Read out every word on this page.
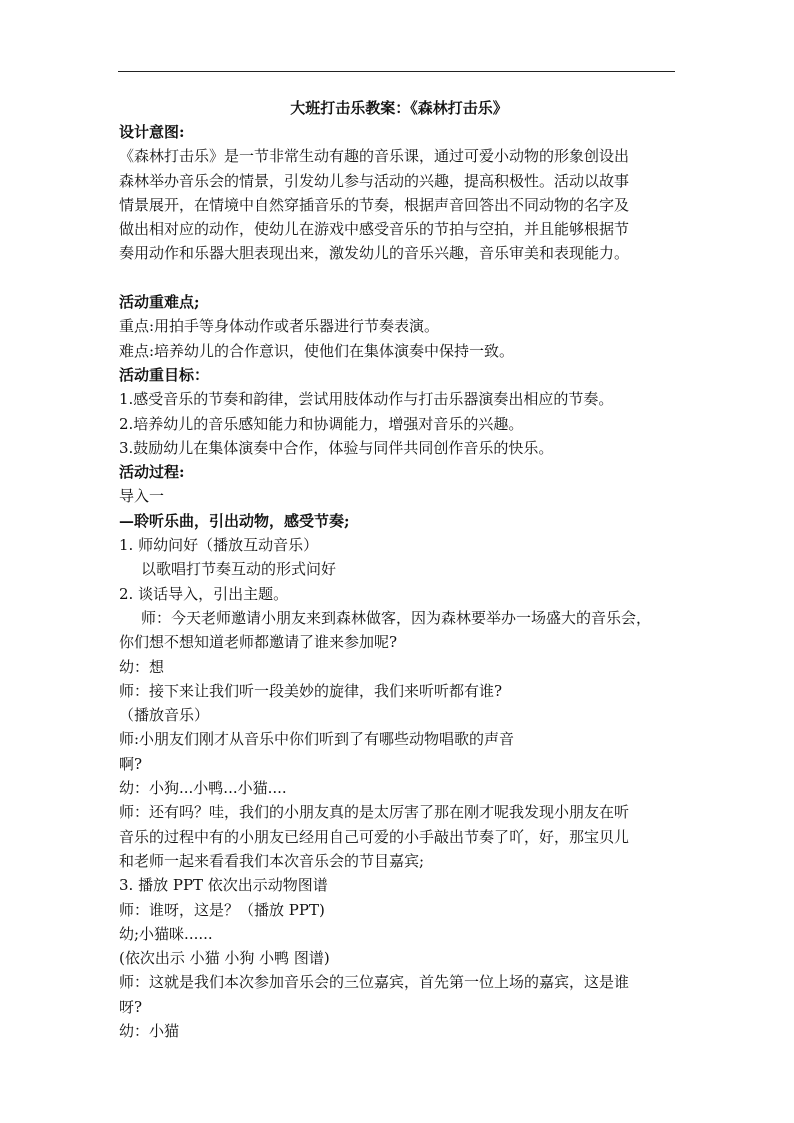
大班打击乐教案：《森林打击乐》
设计意图:
《森林打击乐》是一节非常生动有趣的音乐课，通过可爱小动物的形象创设出
森林举办音乐会的情景，引发幼儿参与活动的兴趣，提高积极性。活动以故事
情景展开，在情境中自然穿插音乐的节奏，根据声音回答出不同动物的名字及
做出相对应的动作，使幼儿在游戏中感受音乐的节拍与空拍，并且能够根据节
奏用动作和乐器大胆表现出来，激发幼儿的音乐兴趣，音乐审美和表现能力。
活动重难点;
重点:用拍手等身体动作或者乐器进行节奏表演。
难点:培养幼儿的合作意识，使他们在集体演奏中保持一致。
活动重目标：
1.感受音乐的节奏和韵律，尝试用肢体动作与打击乐器演奏出相应的节奏。
2.培养幼儿的音乐感知能力和协调能力，增强对音乐的兴趣。
3.鼓励幼儿在集体演奏中合作，体验与同伴共同创作音乐的快乐。
活动过程:
导入一
—聆听乐曲，引出动物，感受节奏;
1. 师幼问好（播放互动音乐）
以歌唱打节奏互动的形式问好
2. 谈话导入，引出主题。
师：今天老师邀请小朋友来到森林做客，因为森林要举办一场盛大的音乐会，
你们想不想知道老师都邀请了谁来参加呢?
幼：想
师：接下来让我们听一段美妙的旋律，我们来听听都有谁?
（播放音乐）
师:小朋友们刚才从音乐中你们听到了有哪些动物唱歌的声音
啊?
幼：小狗...小鸭...小猫....
师：还有吗？哇，我们的小朋友真的是太厉害了那在刚才呢我发现小朋友在听
音乐的过程中有的小朋友已经用自己可爱的小手敲出节奏了吖，好，那宝贝儿
和老师一起来看看我们本次音乐会的节目嘉宾;
3. 播放 PPT 依次出示动物图谱
师：谁呀，这是？（播放 PPT)
幼;小猫咪......
(依次出示 小猫 小狗 小鸭 图谱)
师：这就是我们本次参加音乐会的三位嘉宾，首先第一位上场的嘉宾，这是谁
呀?
幼：小猫
